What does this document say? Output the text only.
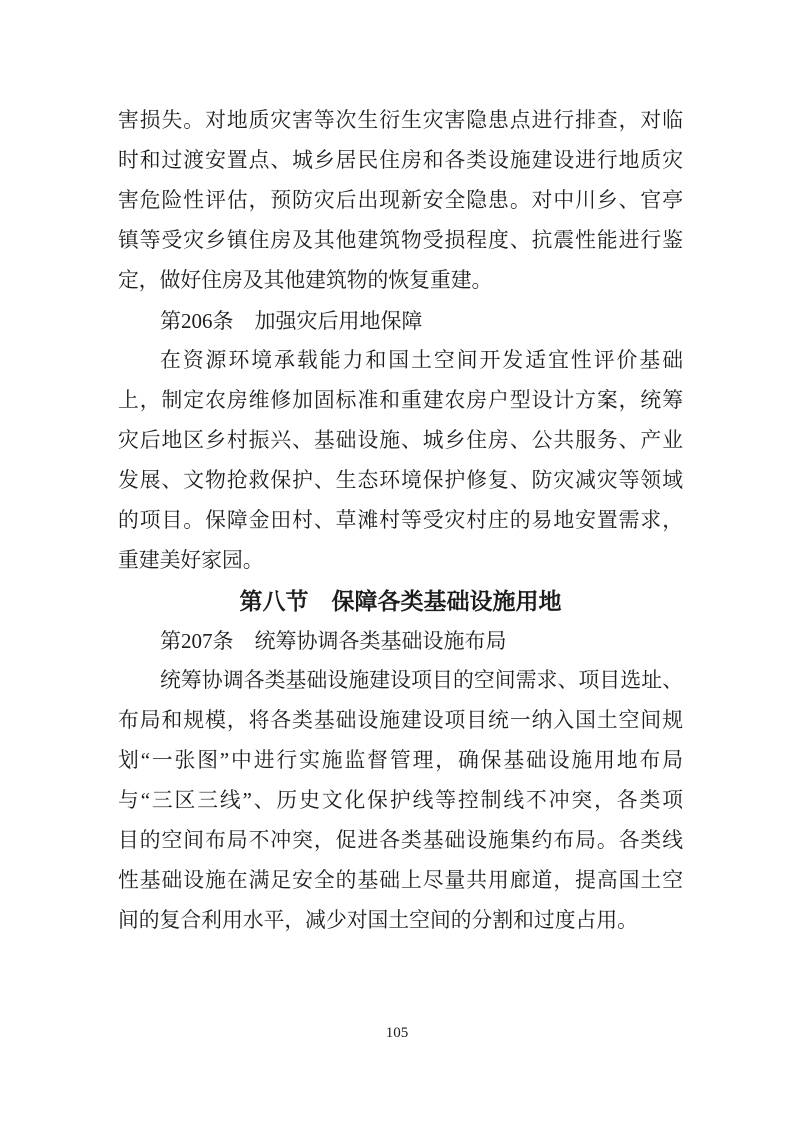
害损失。对地质灾害等次生衍生灾害隐患点进行排查，对临
时和过渡安置点、城乡居民住房和各类设施建设进行地质灾
害危险性评估，预防灾后出现新安全隐患。对中川乡、官亭
镇等受灾乡镇住房及其他建筑物受损程度、抗震性能进行鉴
定，做好住房及其他建筑物的恢复重建。
第206条　加强灾后用地保障
在资源环境承载能力和国土空间开发适宜性评价基础
上，制定农房维修加固标准和重建农房户型设计方案，统筹
灾后地区乡村振兴、基础设施、城乡住房、公共服务、产业
发展、文物抢救保护、生态环境保护修复、防灾减灾等领域
的项目。保障金田村、草滩村等受灾村庄的易地安置需求，
重建美好家园。
第八节　保障各类基础设施用地
第207条　统筹协调各类基础设施布局
统筹协调各类基础设施建设项目的空间需求、项目选址、
布局和规模，将各类基础设施建设项目统一纳入国土空间规
划“一张图”中进行实施监督管理，确保基础设施用地布局
与“三区三线”、历史文化保护线等控制线不冲突，各类项
目的空间布局不冲突，促进各类基础设施集约布局。各类线
性基础设施在满足安全的基础上尽量共用廊道，提高国土空
间的复合利用水平，减少对国土空间的分割和过度占用。
105
